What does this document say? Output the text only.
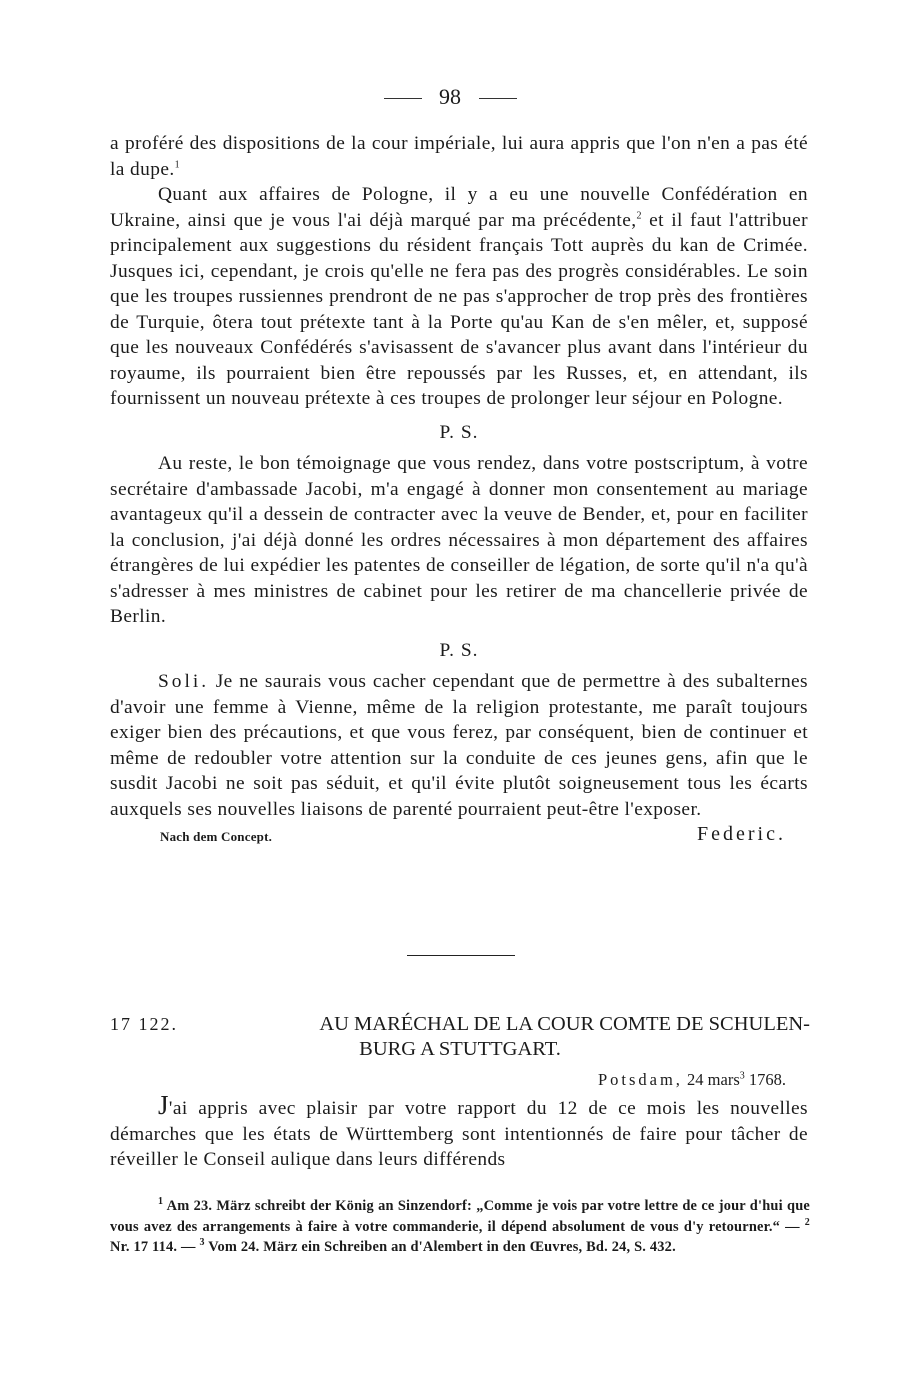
98

a proféré des dispositions de la cour impériale, lui aura appris que l'on n'en a pas été la dupe.$^1$

Quant aux affaires de Pologne, il y a eu une nouvelle Confédération en Ukraine, ainsi que je vous l'ai déjà marqué par ma précédente,$^2$ et il faut l'attribuer principalement aux suggestions du résident français Tott auprès du kan de Crimée. Jusques ici, cependant, je crois qu'elle ne fera pas des progrès considérables. Le soin que les troupes russiennes prendront de ne pas s'approcher de trop près des frontières de Turquie, ôtera tout prétexte tant à la Porte qu'au Kan de s'en mêler, et, supposé que les nouveaux Confédérés s'avisassent de s'avancer plus avant dans l'intérieur du royaume, ils pourraient bien être repoussés par les Russes, et, en attendant, ils fournissent un nouveau prétexte à ces troupes de prolonger leur séjour en Pologne.

P. S.

Au reste, le bon témoignage que vous rendez, dans votre postscriptum, à votre secrétaire d'ambassade Jacobi, m'a engagé à donner mon consentement au mariage avantageux qu'il a dessein de contracter avec la veuve de Bender, et, pour en faciliter la conclusion, j'ai déjà donné les ordres nécessaires à mon département des affaires étrangères de lui expédier les patentes de conseiller de légation, de sorte qu'il n'a qu'à s'adresser à mes ministres de cabinet pour les retirer de ma chancellerie privée de Berlin.

P. S.

Soli. Je ne saurais vous cacher cependant que de permettre à des subalternes d'avoir une femme à Vienne, même de la religion protestante, me paraît toujours exiger bien des précautions, et que vous ferez, par conséquent, bien de continuer et même de redoubler votre attention sur la conduite de ces jeunes gens, afin que le susdit Jacobi ne soit pas séduit, et qu'il évite plutôt soigneusement tous les écarts auxquels ses nouvelles liaisons de parenté pourraient peut-être l'exposer.

Nach dem Concept.	Federic.
17 122.	AU MARÉCHAL DE LA COUR COMTE DE SCHULEN-
BURG A STUTTGART.
Potsdam, 24 mars$^3$ 1768.

J'ai appris avec plaisir par votre rapport du 12 de ce mois les nouvelles démarches que les états de Württemberg sont intentionnés de faire pour tâcher de réveiller le Conseil aulique dans leurs différends

$^1$ Am 23. März schreibt der König an Sinzendorf: „Comme je vois par votre lettre de ce jour d'hui que vous avez des arrangements à faire à votre commanderie, il dépend absolument de vous d'y retourner.“ — $^2$ Nr. 17 114. — $^3$ Vom 24. März ein Schreiben an d'Alembert in den Œuvres, Bd. 24, S. 432.
